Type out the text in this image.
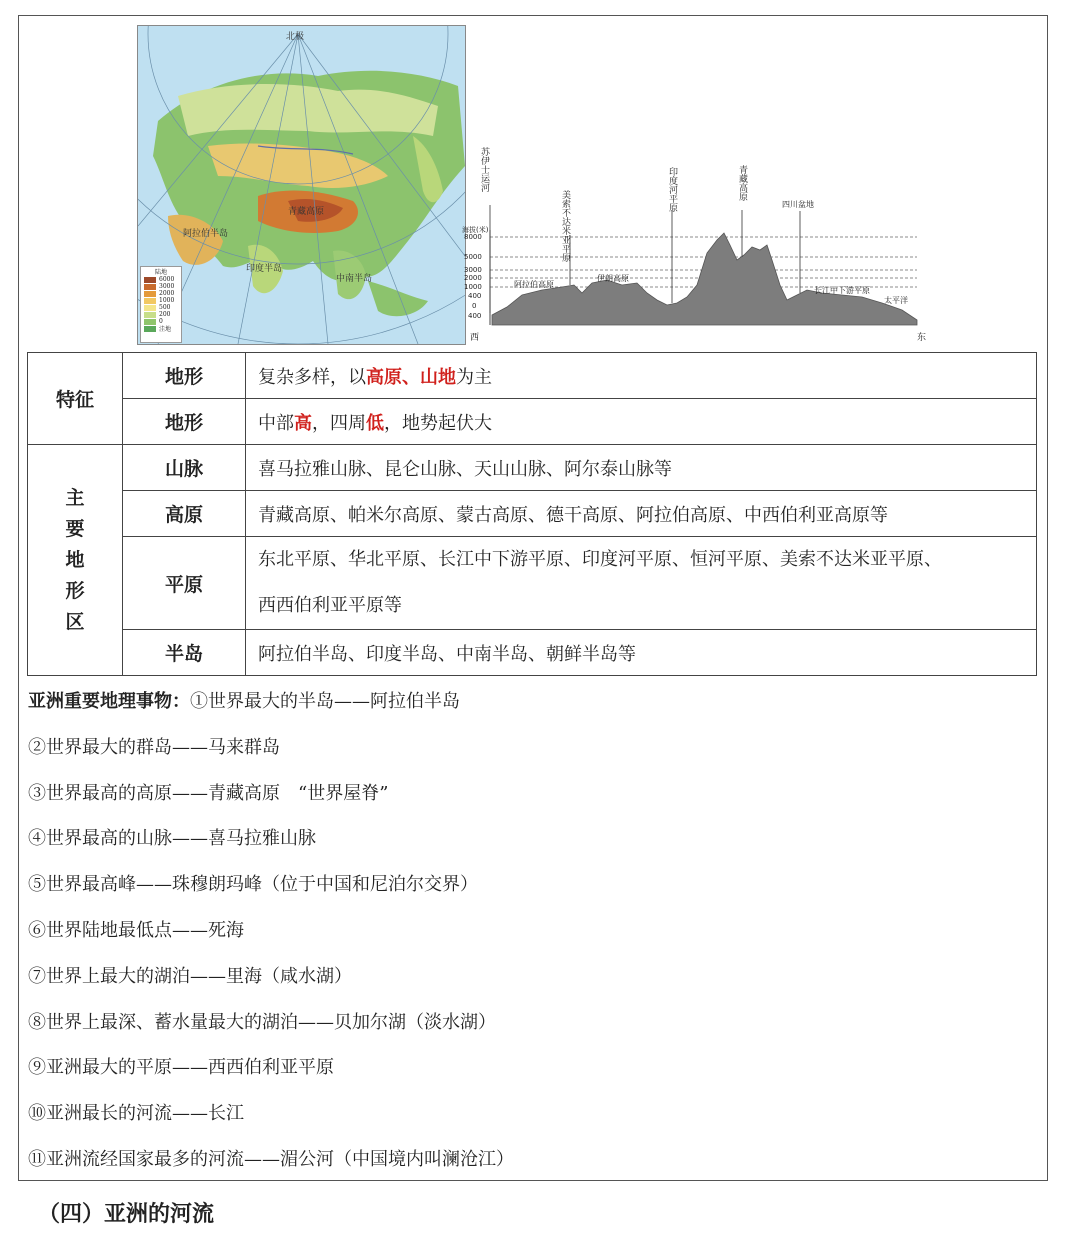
北极
阿拉伯半岛
青藏高原
印度半岛
中南半岛
陆地
6000
3000
2000
1000
500
200
0
洼地
海拔(米)
8000
5000
3000
2000
1000
400
0
400
西	东
苏伊士运河
美索不达米亚平原
印度河平原	青藏高原
四川盆地
阿拉伯高原
伊朗高原
长江中下游平原
太平洋
特征	地形	复杂多样，以高原、山地为主
	地形	中部高，四周低，地势起伏大

主
要
地
形
区	山脉	喜马拉雅山脉、昆仑山脉、天山山脉、阿尔泰山脉等
	高原	青藏高原、帕米尔高原、蒙古高原、德干高原、阿拉伯高原、中西伯利亚高原等
	平原	东北平原、华北平原、长江中下游平原、印度河平原、恒河平原、美索不达米亚平原、
西西伯利亚平原等

	半岛	阿拉伯半岛、印度半岛、中南半岛、朝鲜半岛等
亚洲重要地理事物：①世界最大的半岛——阿拉伯半岛
②世界最大的群岛——马来群岛
③世界最高的高原——青藏高原　“世界屋脊”
④世界最高的山脉——喜马拉雅山脉
⑤世界最高峰——珠穆朗玛峰（位于中国和尼泊尔交界）
⑥世界陆地最低点——死海
⑦世界上最大的湖泊——里海（咸水湖）
⑧世界上最深、蓄水量最大的湖泊——贝加尔湖（淡水湖）
⑨亚洲最大的平原——西西伯利亚平原
⑩亚洲最长的河流——长江
⑪亚洲流经国家最多的河流——湄公河（中国境内叫澜沧江）
（四）亚洲的河流
